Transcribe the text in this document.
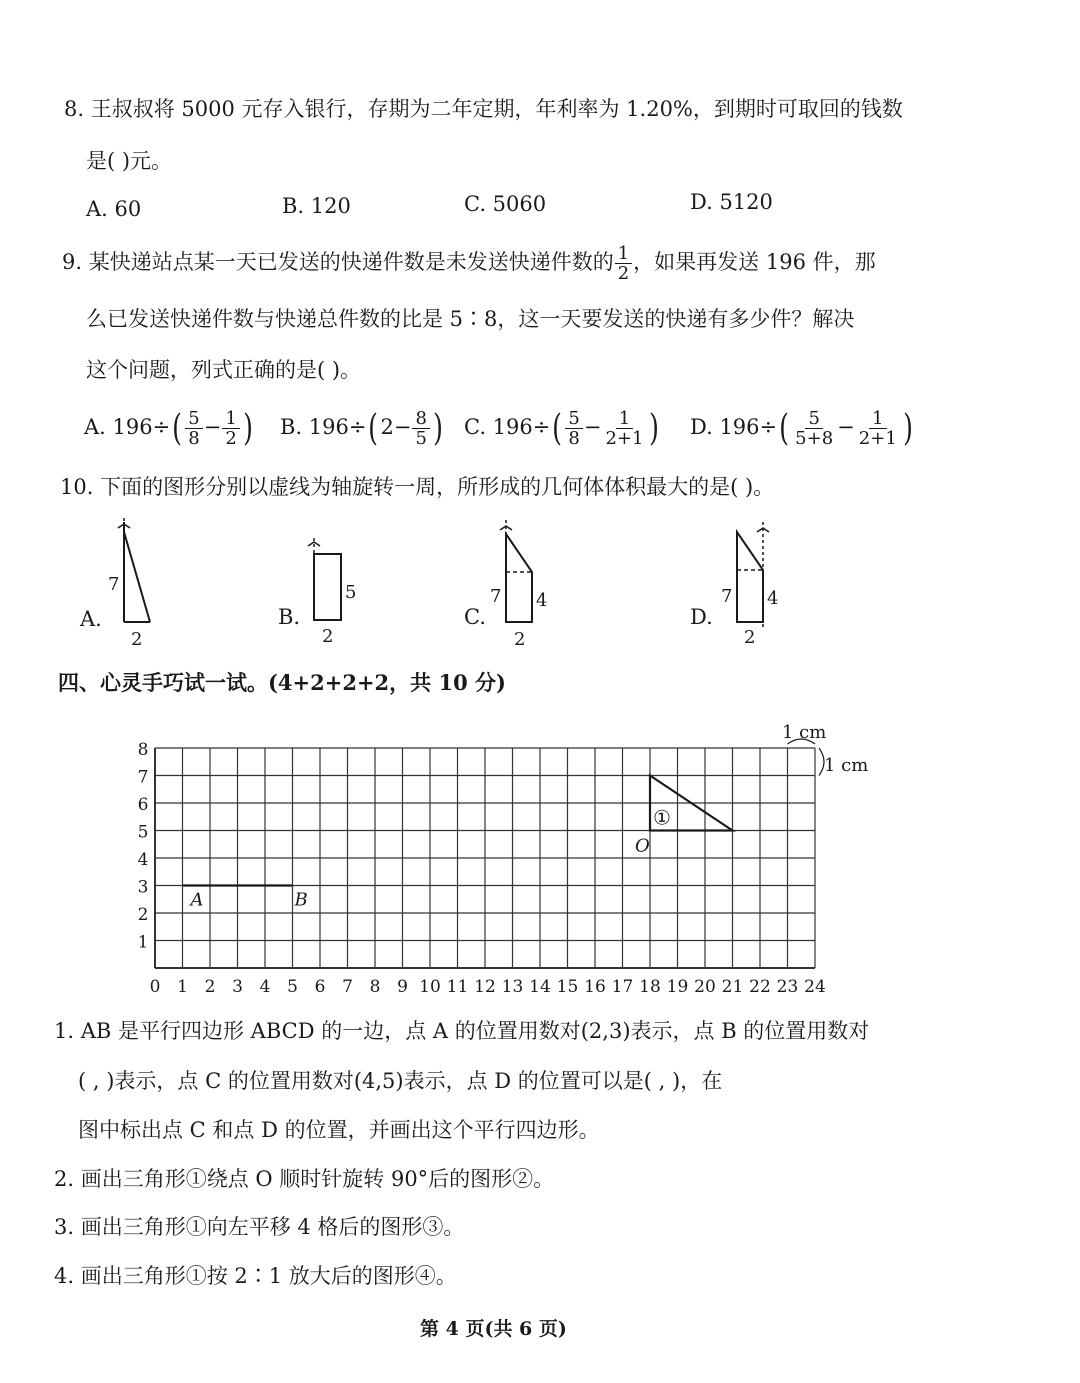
8. 王叔叔将 5000 元存入银行，存期为二年定期，年利率为 1.20%，到期时可取回的钱数
是( )元。
A. 60	B. 120	C. 5060	D. 5120
9. 某快递站点某一天已发送的快递件数是未发送快递件数的 $\frac{1}{2}$ ，如果再发送 196 件，那
么已发送快递件数与快递总件数的比是 5∶8，这一天要发送的快递有多少件？解决
这个问题，列式正确的是( )。
A. $196\div( \frac{5}{8} - \frac{1}{2}$ ) B. 196÷( $2- \frac{8}{5}$ ) C. $196\div( \frac{5}{8} - \frac{1}{2+1}$ ) D. $196\div( \frac{5}{5+8} - \frac{1}{2+1}$ )
10. 下面的图形分别以虚线为轴旋转一周，所形成的几何体体积最大的是( )。
A.
7
2
B.
5
2
C.
7 4
2
D.
7 4
2
四、心灵手巧试一试。(4+2+2+2，共 10 分)
0 1 2 3 4 5 6 7 8 9 10 11 12 13 14 15 16 17 18 19 20 21 22 23 24
1
2
3
4
5
6
7
8
A	B
①
O
1 cm
1 cm
1. AB 是平行四边形 ABCD 的一边，点 A 的位置用数对(2,3)表示，点 B 的位置用数对
( , )表示，点 C 的位置用数对(4,5)表示，点 D 的位置可以是( , )，在
图中标出点 C 和点 D 的位置，并画出这个平行四边形。
2. 画出三角形①绕点 O 顺时针旋转 90°后的图形②。
3. 画出三角形①向左平移 4 格后的图形③。
4. 画出三角形①按 2∶1 放大后的图形④。
第 4 页(共 6 页)
